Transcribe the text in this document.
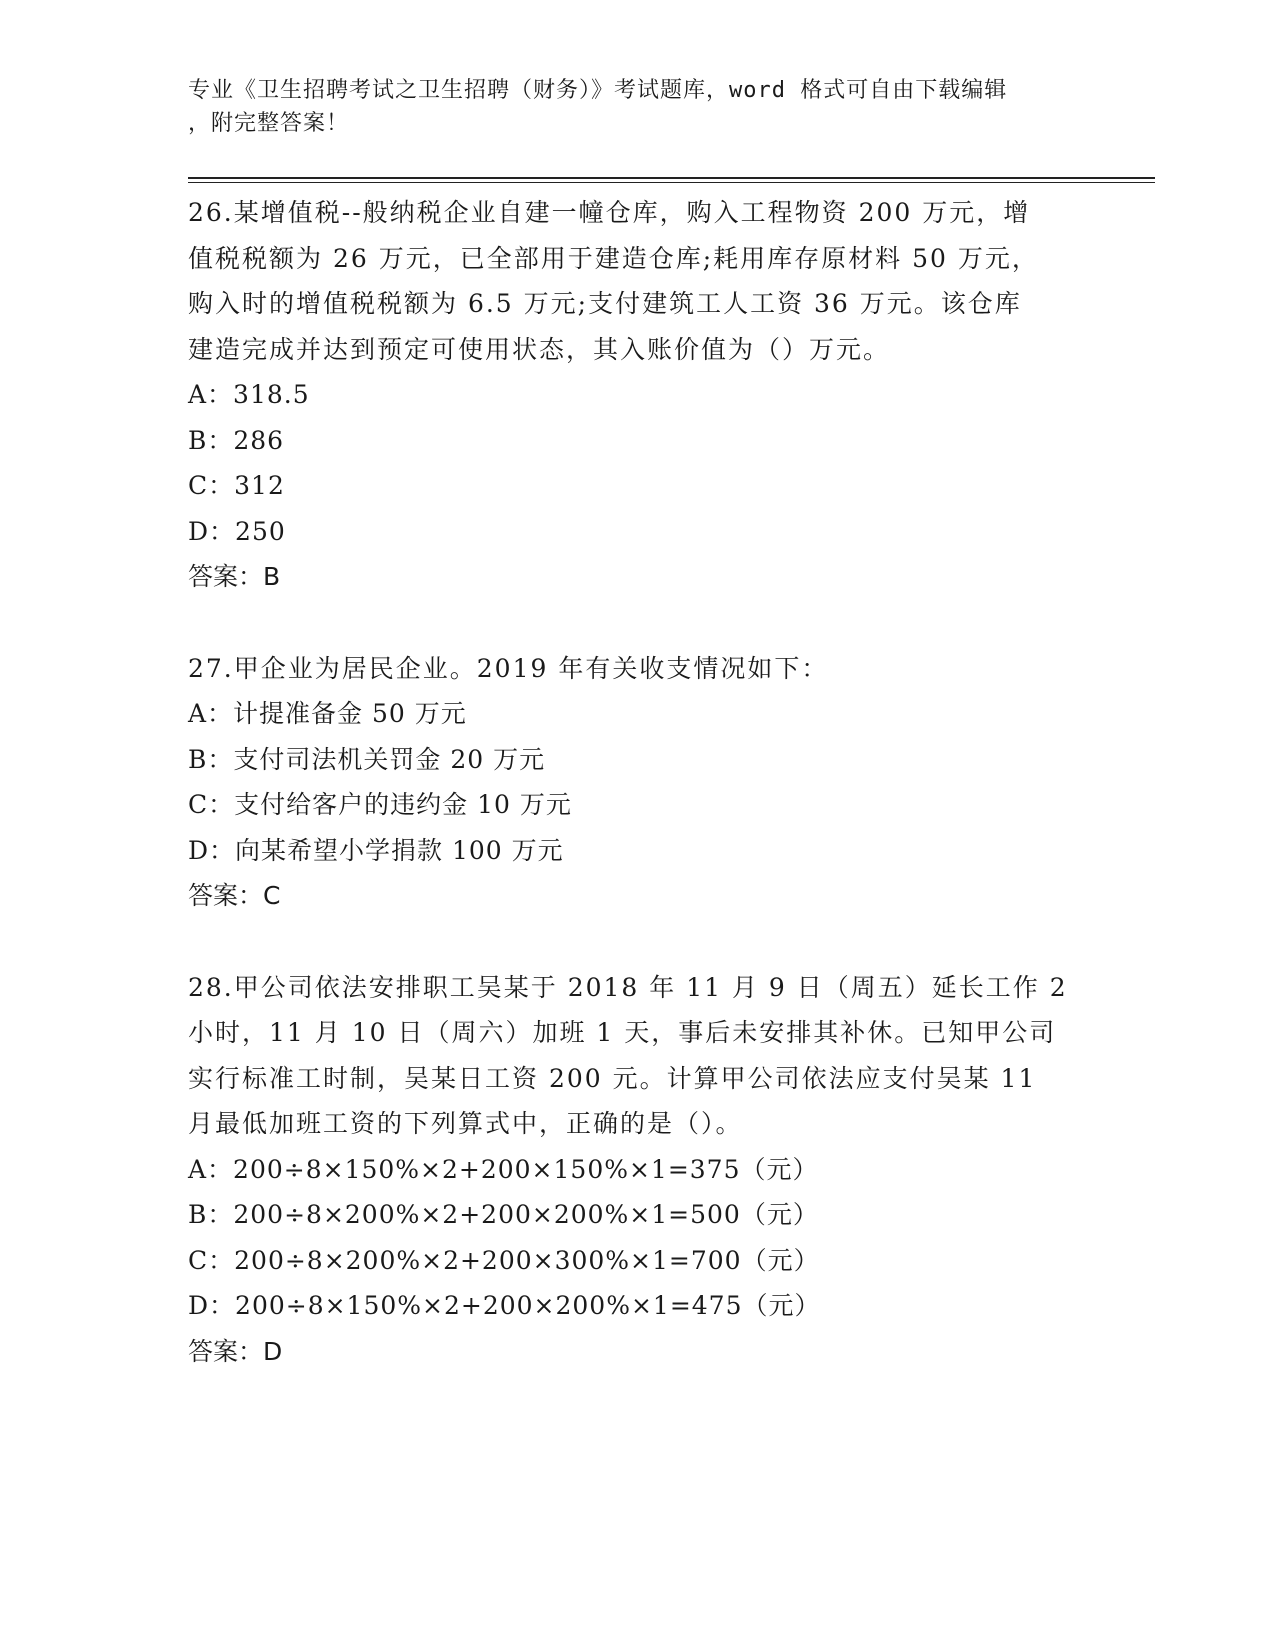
专业《卫生招聘考试之卫生招聘（财务）》考试题库，word 格式可自由下载编辑
，附完整答案！

26.某增值税--般纳税企业自建一幢仓库，购入工程物资 200 万元，增

值税税额为 26 万元，已全部用于建造仓库;耗用库存原材料 50 万元，

购入时的增值税税额为 6.5 万元;支付建筑工人工资 36 万元。该仓库

建造完成并达到预定可使用状态，其入账价值为（）万元。

A：318.5

B：286

C：312

D：250

答案：B

27.甲企业为居民企业。2019 年有关收支情况如下：

A：计提准备金 50 万元

B：支付司法机关罚金 20 万元

C：支付给客户的违约金 10 万元

D：向某希望小学捐款 100 万元

答案：C

28.甲公司依法安排职工吴某于 2018 年 11 月 9 日（周五）延长工作 2

小时，11 月 10 日（周六）加班 1 天，事后未安排其补休。已知甲公司

实行标准工时制，吴某日工资 200 元。计算甲公司依法应支付吴某 11

月最低加班工资的下列算式中，正确的是（）。

A：200÷8×150%×2+200×150%×1=375（元）

B：200÷8×200%×2+200×200%×1=500（元）

C：200÷8×200%×2+200×300%×1=700（元）

D：200÷8×150%×2+200×200%×1=475（元）

答案：D
